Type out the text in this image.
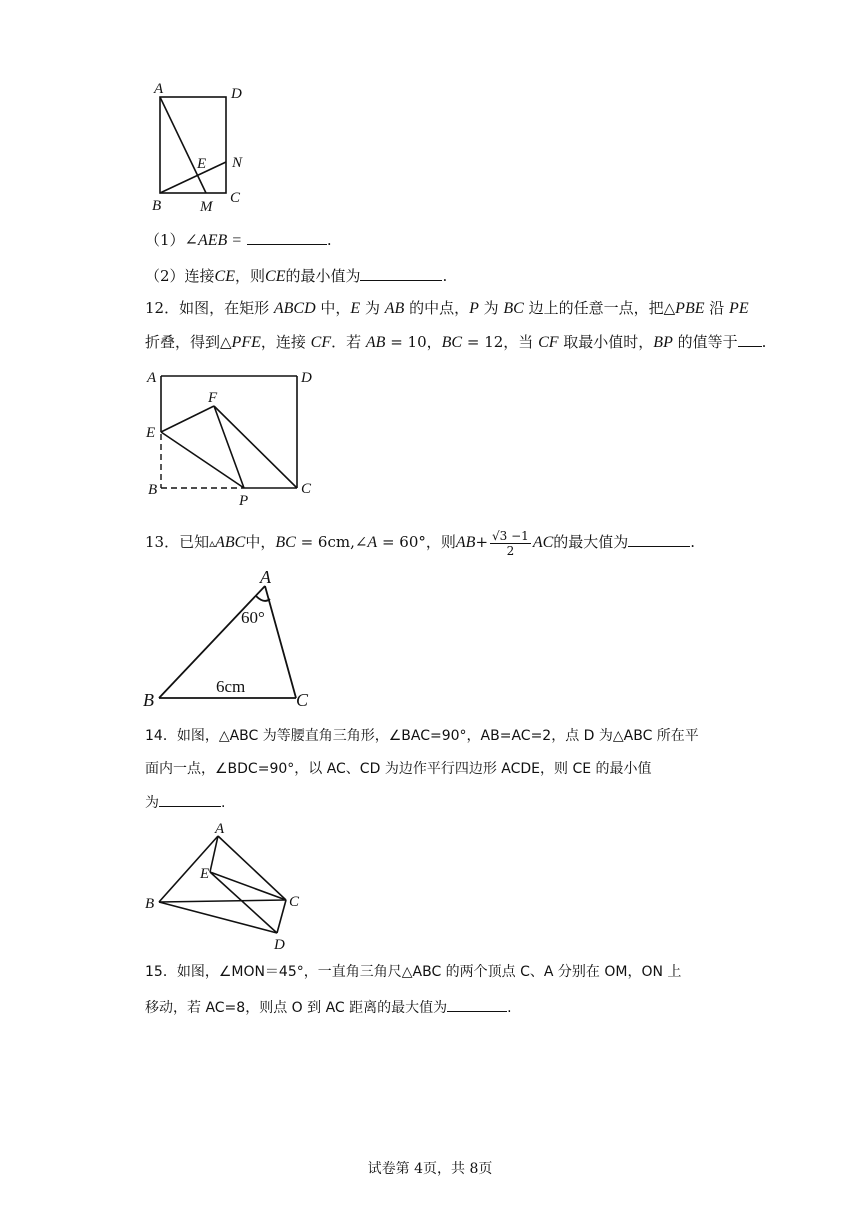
A	D
E N
B	M
C
（1）∠AEB =	.
（2）连接CE，则CE的最小值为	.
12．如图，在矩形 ABCD 中，E 为 AB 的中点，P 为 BC 边上的任意一点，把△PBE 沿 PE
折叠，得到△PFE，连接 CF．若 AB = 10，BC = 12，当 CF 取最小值时，BP 的值等于 .
A	D
F
E
B
P
C
13．已知▵ABC中，BC = 6cm,∠A = 60°，则$AB+ \frac{√3 -1}{2}$ AC的最大值为	.
A
B	C
60°
6cm
14．如图，△ABC 为等腰直角三角形，∠BAC=90°，AB=AC=2，点 D 为△ABC 所在平
面内一点，∠BDC=90°，以 AC、CD 为边作平行四边形 ACDE，则 CE 的最小值
为	.
A
E
B	C
D
15．如图，∠MON＝45°，一直角三角尺△ABC 的两个顶点 C、A 分别在 OM，ON 上
移动，若 AC=8，则点 O 到 AC 距离的最大值为	.
试卷第 4页，共 8页
